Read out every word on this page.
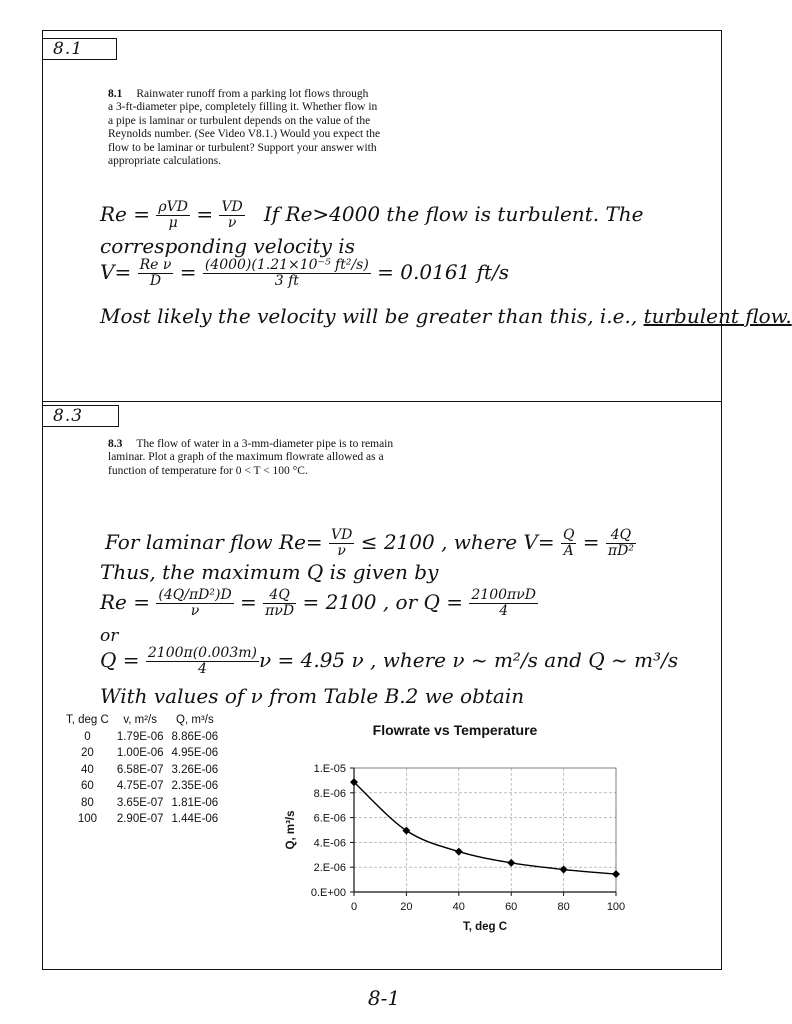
8.1
8.1 Rainwater runoff from a parking lot flows through
a 3-ft-diameter pipe, completely filling it. Whether flow in
a pipe is laminar or turbulent depends on the value of the
Reynolds number. (See Video V8.1.) Would you expect the
flow to be laminar or turbulent? Support your answer with
appropriate calculations.
$Re = \frac{\text{ρVD}}{\mu} = \frac{VD}{\nu}$ If Re>4000 the flow is turbulent. The
corresponding velocity is
$V= \frac{\text{Re ν}}{D} = \frac{\text{(4000)(1.21×10⁻⁵ ft²/s)}}{3 ft} = 0.0161$ ft/s
Most likely the velocity will be greater than this, i.e., turbulent flow.
8.3
8.3 The flow of water in a 3-mm-diameter pipe is to remain
laminar. Plot a graph of the maximum flowrate allowed as a
function of temperature for 0 < T < 100 °C.
For laminar flow $Re= \frac{VD}{\nu} \le 2100$ , where $V= \frac{Q}{A} = \frac{4Q}{\text{πD²}}$
Thus, the maximum Q is given by
$Re = \frac{\text{(4Q/πD²)D}}{\nu} = \frac{4Q}{\text{πνD}} = 2100$ , or $Q = \frac{\text{2100πνD}}{4}$
or
$Q = \frac{2100\pi(0.003m)}{4}$ ν = 4.95 ν , where ν ~ m²/s and Q ~ m³/s
With values of ν from Table B.2 we obtain
T, deg C	v, m²/s	Q, m³/s
0	1.79E-06	8.86E-06
20	1.00E-06	4.95E-06
40	6.58E-07	3.26E-06
60	4.75E-07	2.35E-06
80	3.65E-07	1.81E-06
100	2.90E-07	1.44E-06
Flowrate vs Temperature
0.E+00
2.E-06
4.E-06
6.E-06
8.E-06
1.E-05
0	20	40	60	80	100
T, deg C
Q, m³/s
8-1
